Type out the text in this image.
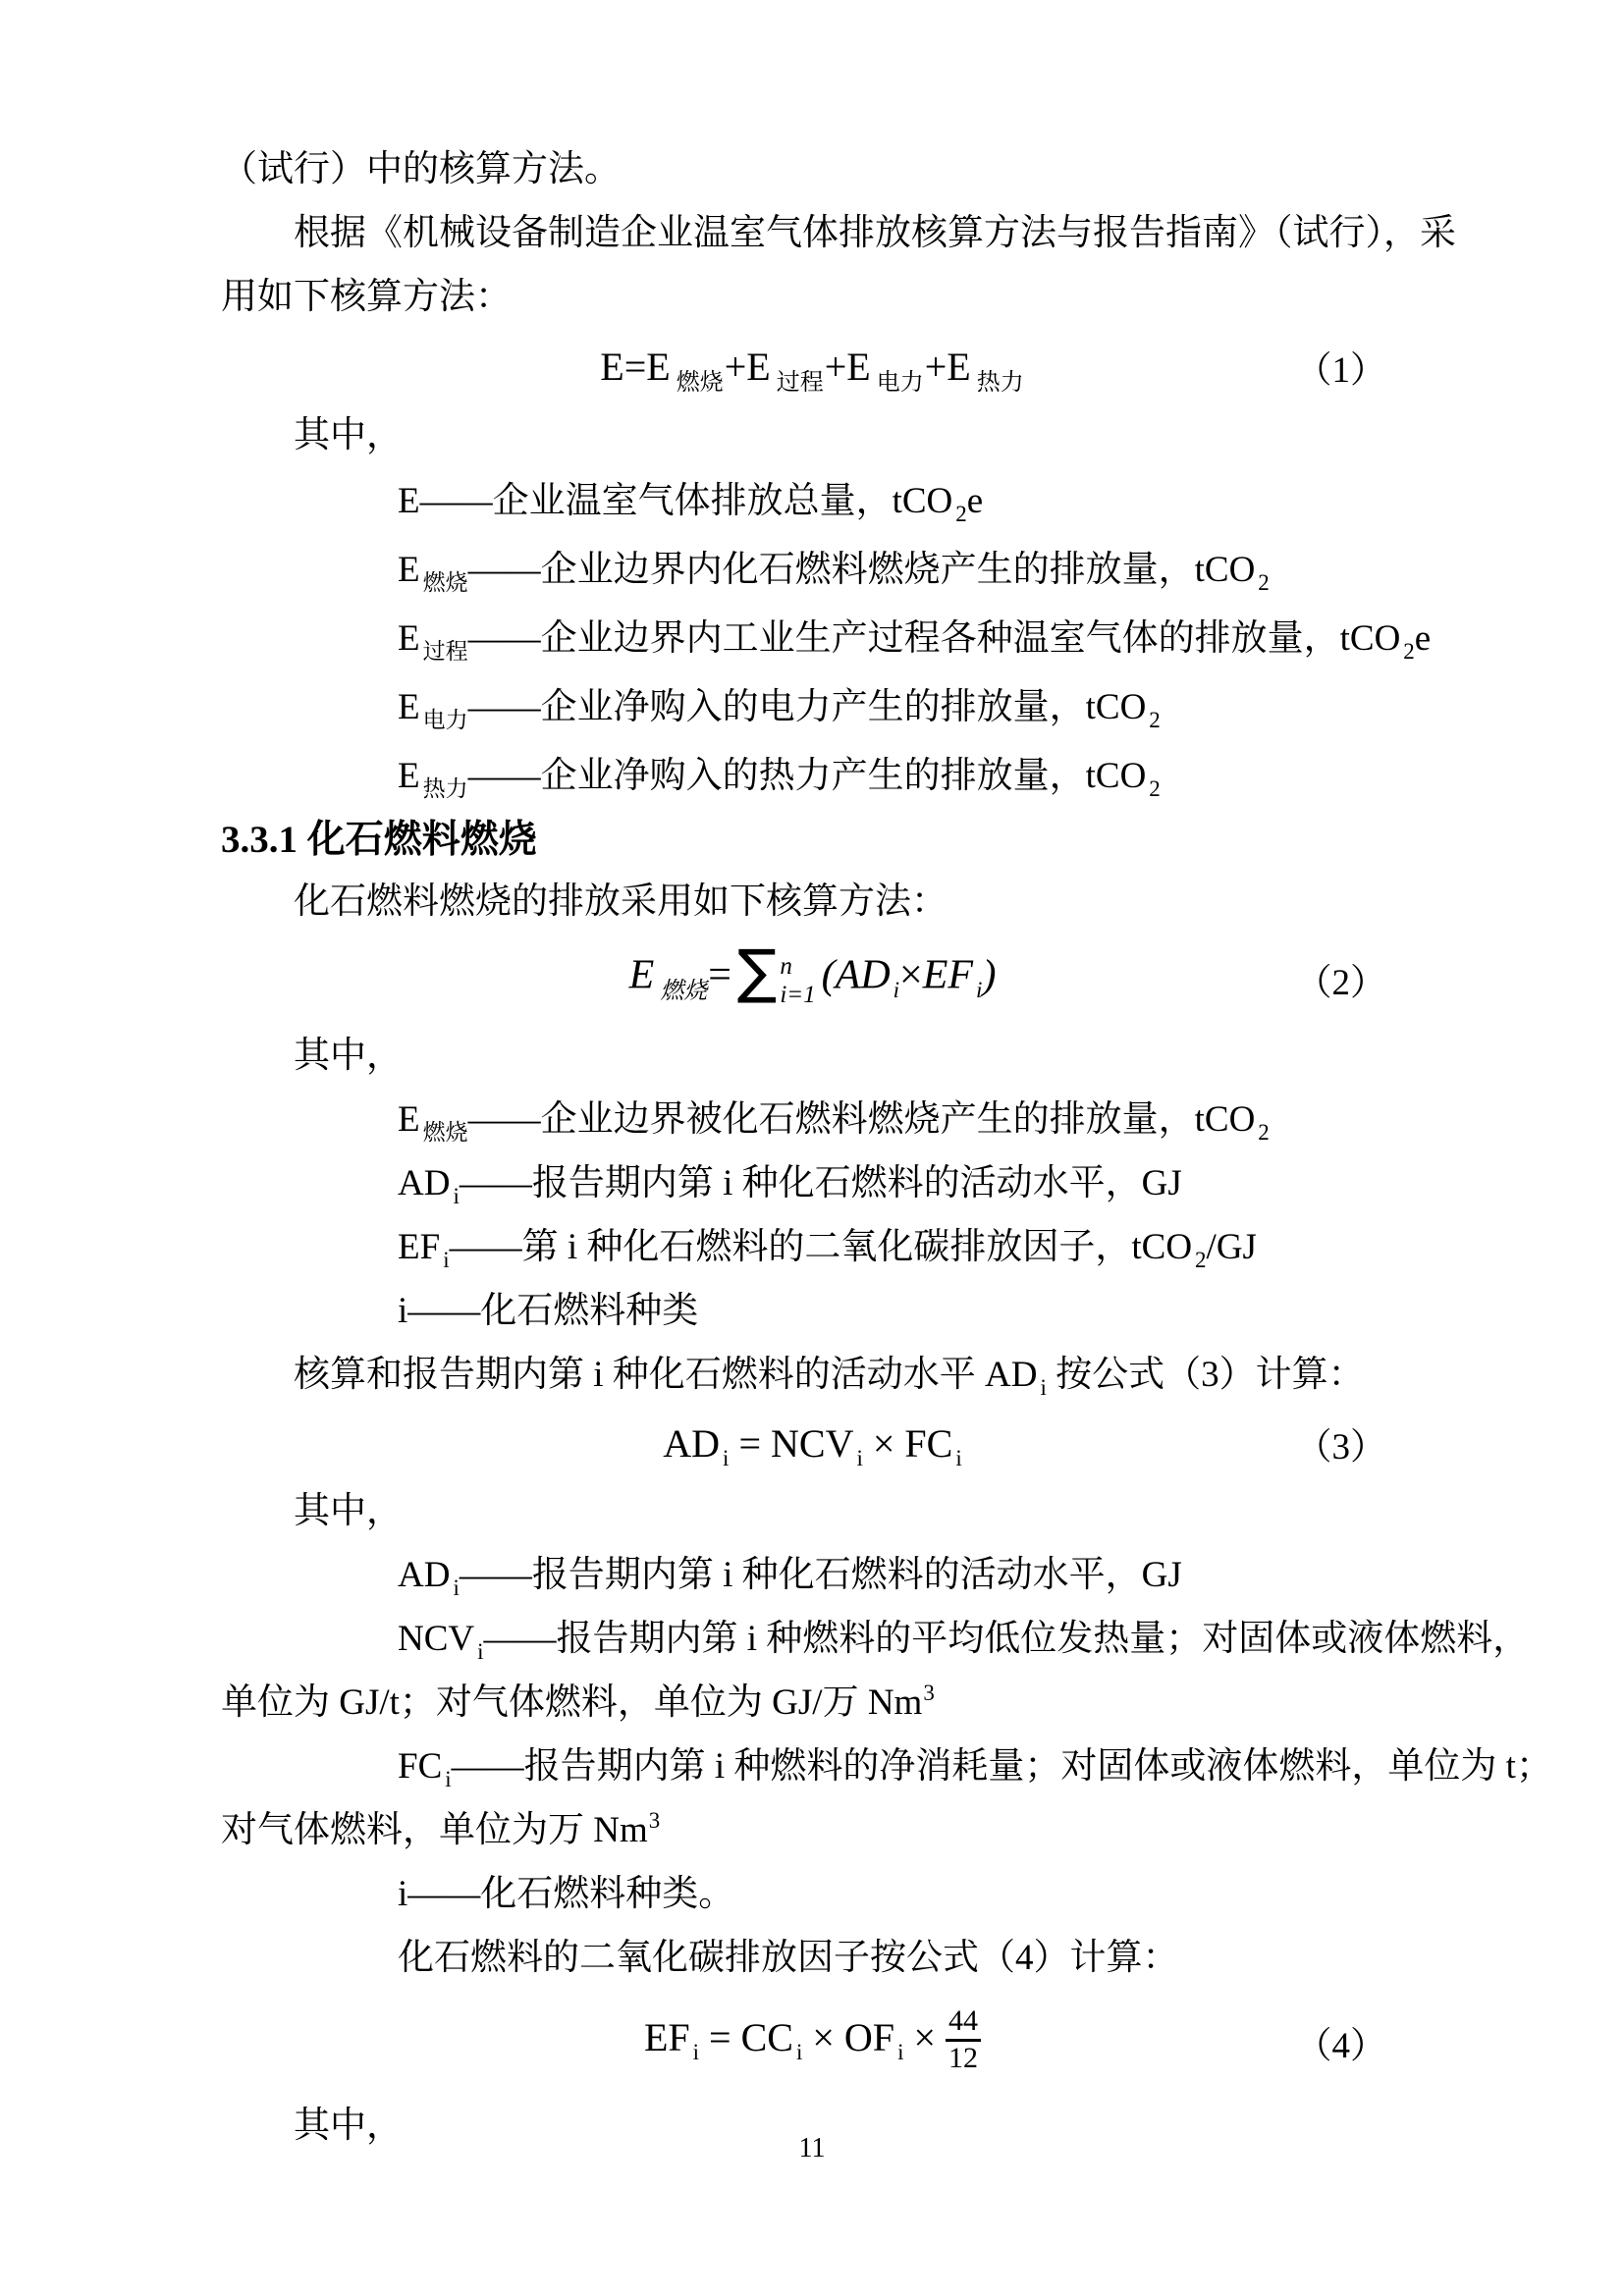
（试行）中的核算方法。

根据《机械设备制造企业温室气体排放核算方法与报告指南》（试行），采

用如下核算方法：

E=E $_{燃烧}$+E $_{过程}$+E $_{电力}$+E $_{热力}$	（1）

其中，

E——企业温室气体排放总量，tCO $_2$e

E $_{燃烧}$——企业边界内化石燃料燃烧产生的排放量，tCO $_2$

E $_{过程}$——企业边界内工业生产过程各种温室气体的排放量，tCO $_2$e

E $_{电力}$——企业净购入的电力产生的排放量，tCO $_2$

E $_{热力}$——企业净购入的热力产生的排放量，tCO $_2$

3.3.1 化石燃料燃烧

化石燃料燃烧的排放采用如下核算方法：

E $_{燃烧}$= ∑ n
i=1 (AD $_i$×EF $_i$)	（2）

其中，

E $_{燃烧}$——企业边界被化石燃料燃烧产生的排放量，tCO $_2$

AD $_i$——报告期内第 i 种化石燃料的活动水平，GJ

EF $_i$——第 i 种化石燃料的二氧化碳排放因子，tCO $_2$/GJ

i——化石燃料种类

核算和报告期内第 i 种化石燃料的活动水平 AD $_i$ 按公式（3）计算：

AD $_i$ = NCV $_i$ × FC $_i$	（3）

其中，

AD $_i$——报告期内第 i 种化石燃料的活动水平，GJ

NCV $_i$——报告期内第 i 种燃料的平均低位发热量；对固体或液体燃料，

单位为 GJ/t；对气体燃料，单位为 GJ/万 Nm$^3$

FC $_i$——报告期内第 i 种燃料的净消耗量；对固体或液体燃料，单位为 t；

对气体燃料，单位为万 Nm$^3$

i——化石燃料种类。

化石燃料的二氧化碳排放因子按公式（4）计算：

EF $_i$ = CC $_i$ × OF $_i \times \frac{44}{12}$	（4）

其中，

11
